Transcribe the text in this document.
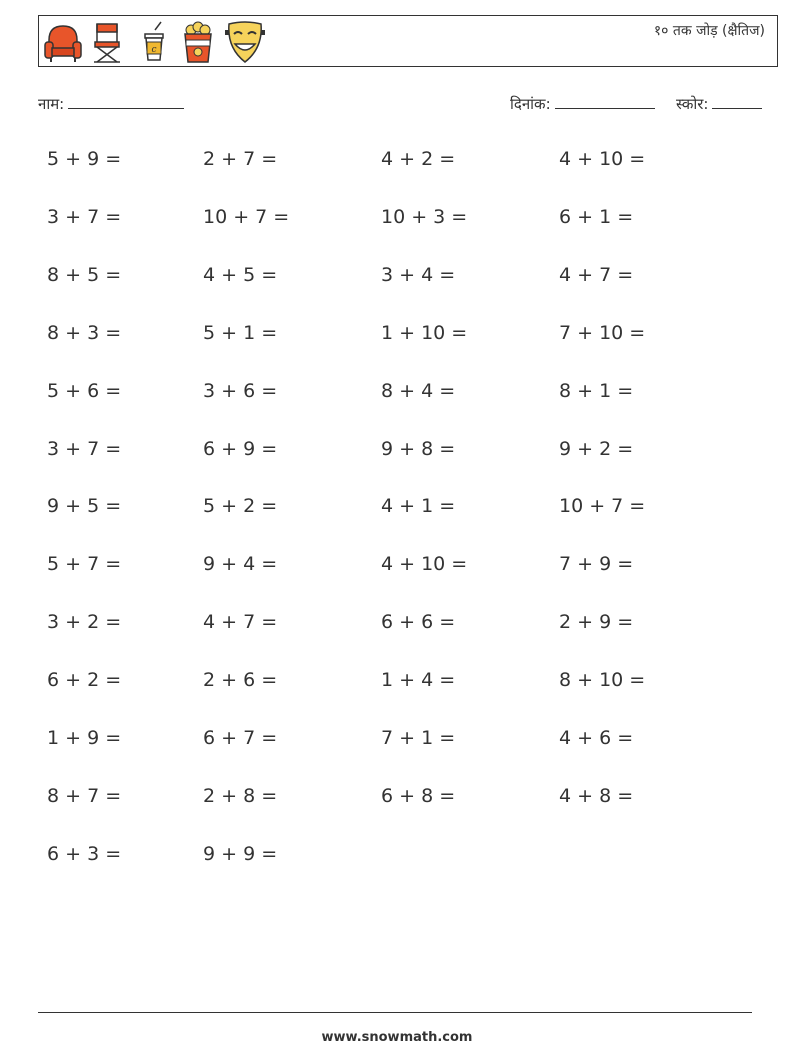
c
१० तक जोड़ (क्षैतिज)
नाम:	दिनांक:	स्कोर:
5 + 9 =	2 + 7 =	4 + 2 =	4 + 10 =
3 + 7 =	10 + 7 =	10 + 3 =	6 + 1 =
8 + 5 =	4 + 5 =	3 + 4 =	4 + 7 =
8 + 3 =	5 + 1 =	1 + 10 =	7 + 10 =
5 + 6 =	3 + 6 =	8 + 4 =	8 + 1 =
3 + 7 =	6 + 9 =	9 + 8 =	9 + 2 =
9 + 5 =	5 + 2 =	4 + 1 =	10 + 7 =
5 + 7 =	9 + 4 =	4 + 10 =	7 + 9 =
3 + 2 =	4 + 7 =	6 + 6 =	2 + 9 =
6 + 2 =	2 + 6 =	1 + 4 =	8 + 10 =
1 + 9 =	6 + 7 =	7 + 1 =	4 + 6 =
8 + 7 =	2 + 8 =	6 + 8 =	4 + 8 =
6 + 3 =	9 + 9 =
www.snowmath.com
